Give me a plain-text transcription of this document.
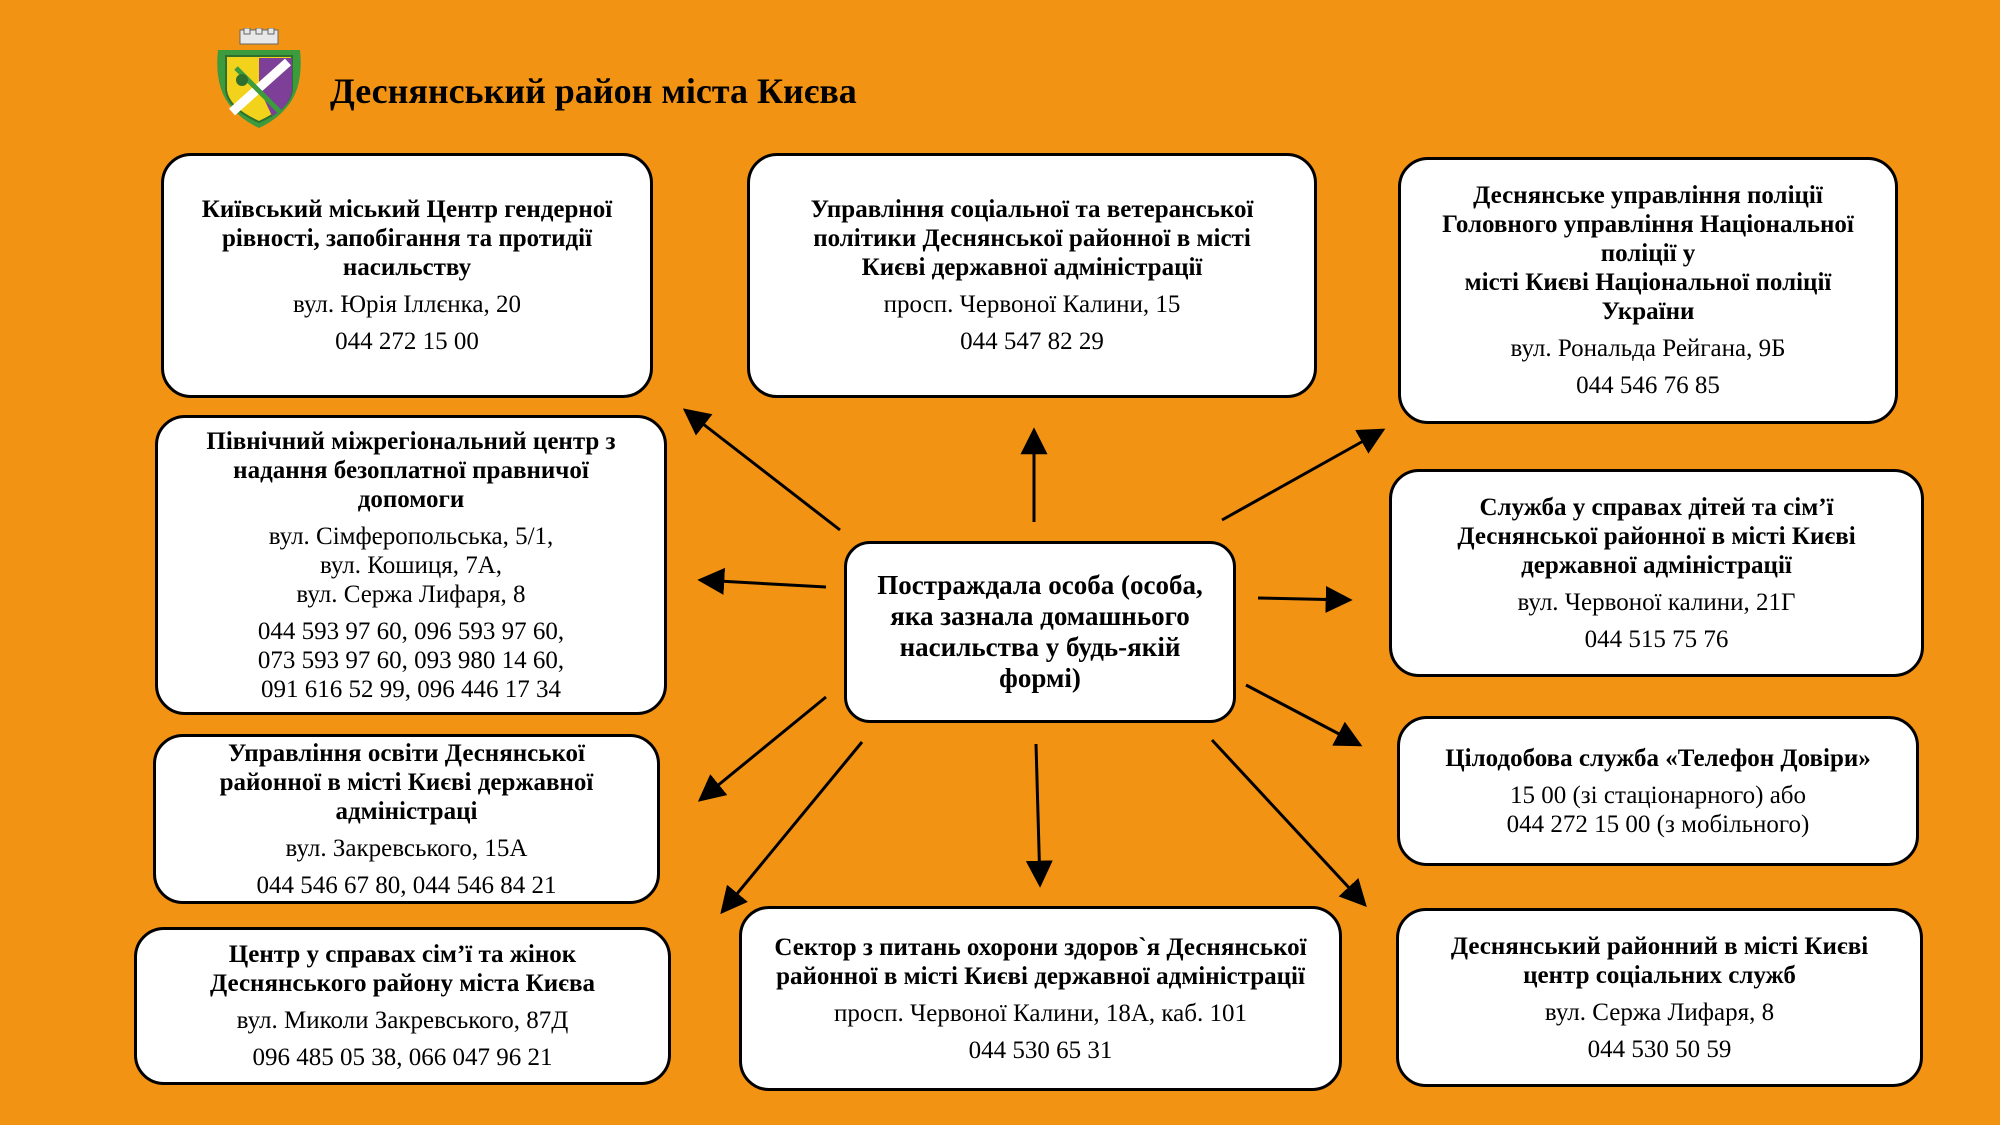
Деснянський район міста Києва
Постраждала особа (особа,
яка зазнала домашнього
насильства у будь-якій
формі)
Київський міський Центр гендерної
рівності, запобігання та протидії
насильству
вул. Юрія Іллєнка, 20
044 272 15 00
Північний міжрегіональний центр з
надання безоплатної правничої
допомоги
вул. Сімферопольська, 5/1,
вул. Кошиця, 7А,
вул. Сержа Лифаря, 8
044 593 97 60, 096 593 97 60,
073 593 97 60, 093 980 14 60,
091 616 52 99, 096 446 17 34
Управління освіти Деснянської
районної в місті Києві державної
адміністраці
вул. Закревського, 15А
044 546 67 80, 044 546 84 21
Центр у справах сім’ї та жінок
Деснянського району міста Києва
вул. Миколи Закревського, 87Д
096 485 05 38, 066 047 96 21
Управління соціальної та ветеранської
політики Деснянської районної в місті
Києві державної адміністрації
просп. Червоної Калини, 15
044 547 82 29
Сектор з питань охорони здоров`я Деснянської
районної в місті Києві державної адміністрації
просп. Червоної Калини, 18А, каб. 101
044 530 65 31
Деснянське управління поліції
Головного управління Національної
поліції у
місті Києві Національної поліції
України
вул. Рональда Рейгана, 9Б
044 546 76 85
Служба у справах дітей та сім’ї
Деснянської районної в місті Києві
державної адміністрації
вул. Червоної калини, 21Г
044 515 75 76
Цілодобова служба «Телефон Довіри»
15 00 (зі стаціонарного) або
044 272 15 00 (з мобільного)
Деснянський районний в місті Києві
центр соціальних служб
вул. Сержа Лифаря, 8
044 530 50 59
